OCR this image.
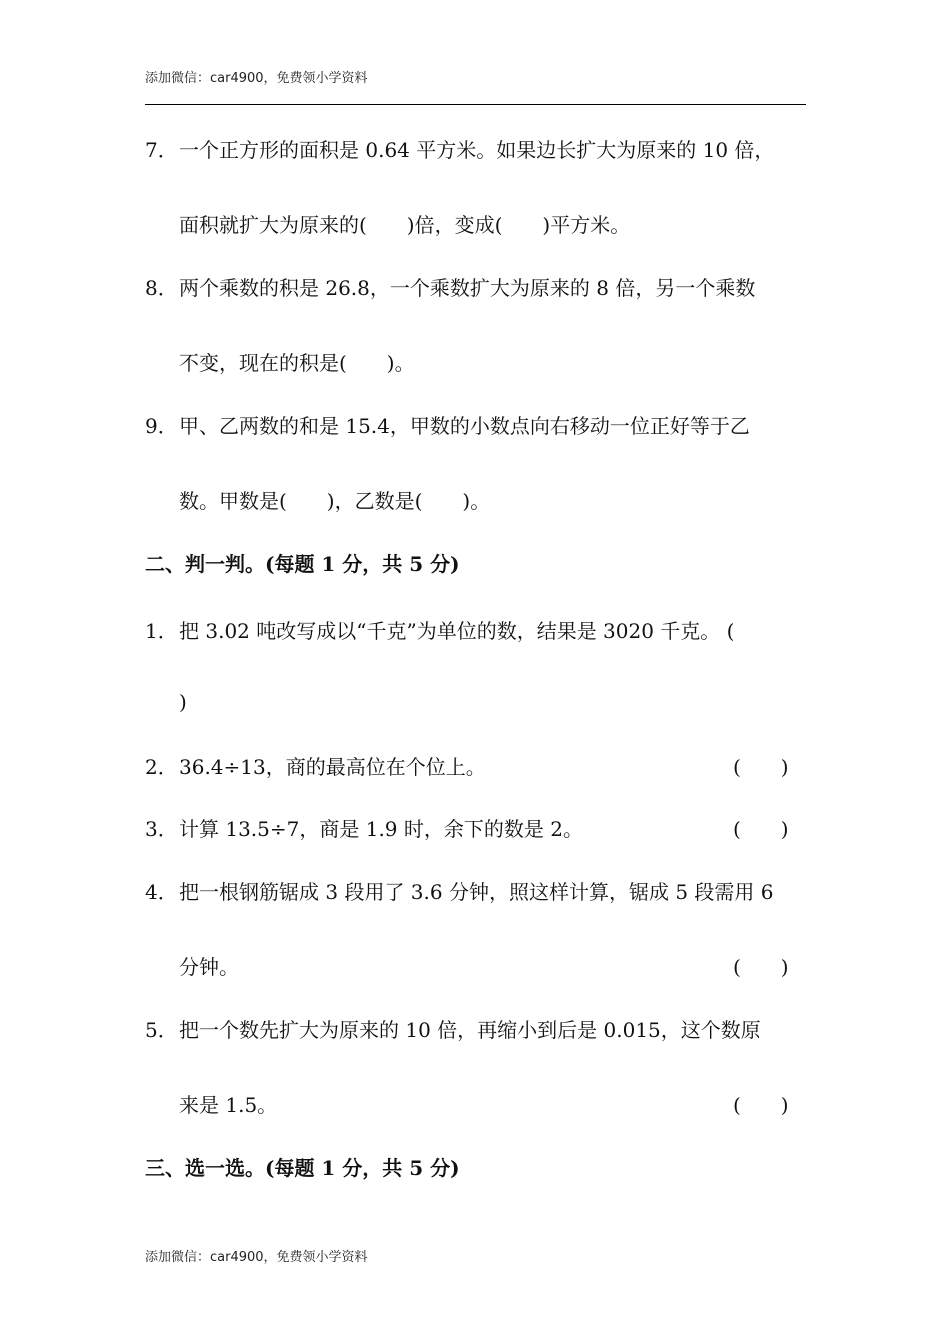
添加微信：car4900，免费领小学资料
7． 一个正方形的面积是 0.64 平方米。如果边长扩大为原来的 10 倍，
面积就扩大为原来的(　　)倍，变成(　　)平方米。
8． 两个乘数的积是 26.8，一个乘数扩大为原来的 8 倍，另一个乘数
不变，现在的积是(　　)。
9． 甲、乙两数的和是 15.4，甲数的小数点向右移动一位正好等于乙
数。甲数是(　　)，乙数是(　　)。
二、判一判。(每题 1 分，共 5 分)
1． 把 3.02 吨改写成以“千克”为单位的数，结果是 3020 千克。 (
)
2． 36.4÷13，商的最高位在个位上。	(　　)
3． 计算 13.5÷7，商是 1.9 时，余下的数是 2。	(　　)
4． 把一根钢筋锯成 3 段用了 3.6 分钟，照这样计算，锯成 5 段需用 6
分钟。	(　　)
5． 把一个数先扩大为原来的 10 倍，再缩小到后是 0.015，这个数原
来是 1.5。	(　　)
三、选一选。(每题 1 分，共 5 分)
添加微信：car4900，免费领小学资料
